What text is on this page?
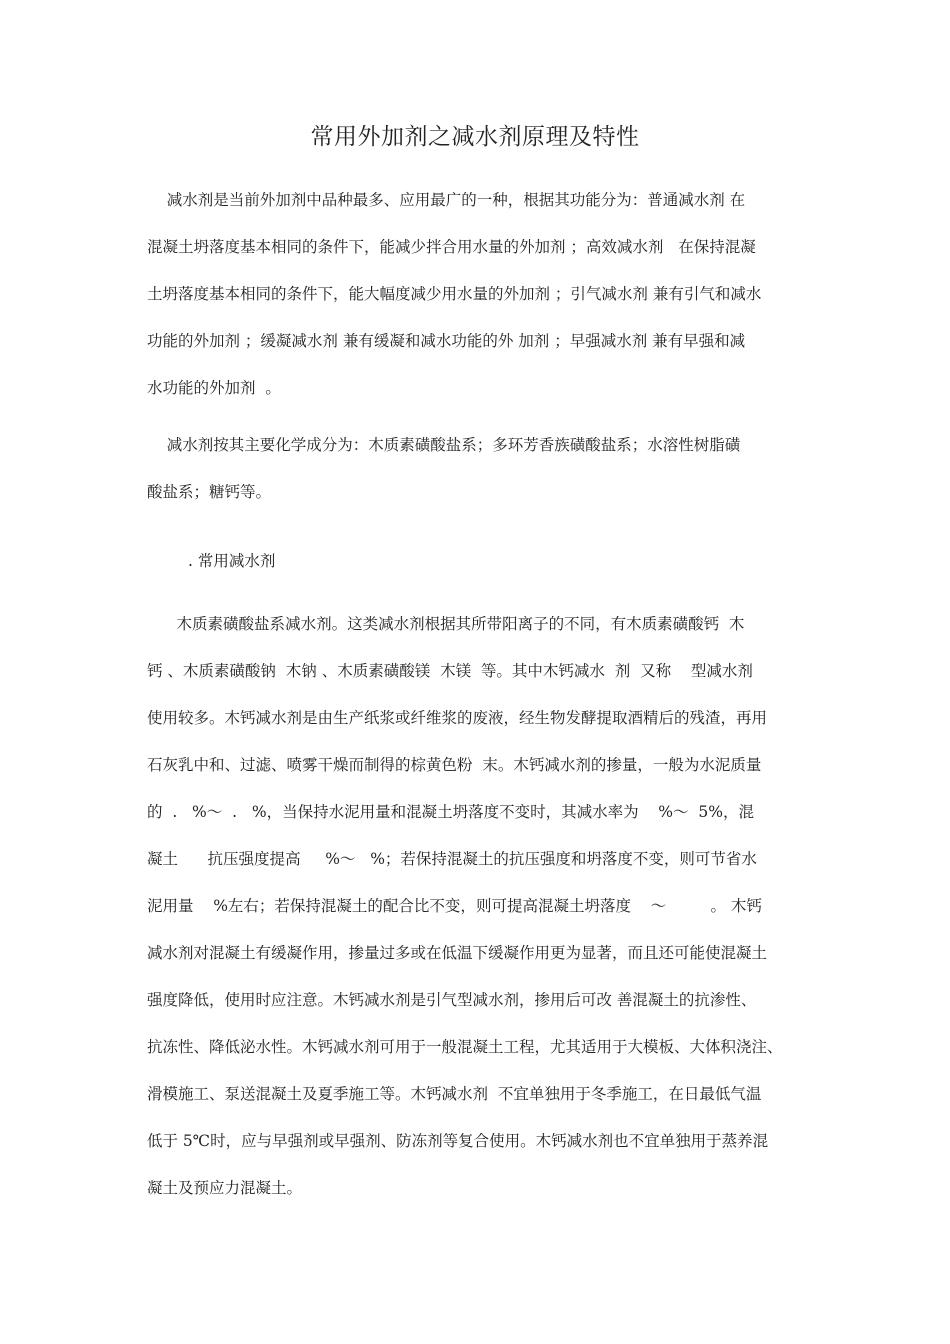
常用外加剂之减水剂原理及特性
减水剂是当前外加剂中品种最多、应用最广的一种，根据其功能分为：普通减水剂 在
混凝土坍落度基本相同的条件下，能减少拌合用水量的外加剂 ；高效减水剂   在保持混凝
土坍落度基本相同的条件下，能大幅度减少用水量的外加剂 ；引气减水剂 兼有引气和减水
功能的外加剂 ；缓凝减水剂 兼有缓凝和减水功能的外 加剂 ；早强减水剂 兼有早强和减
水功能的外加剂  。
减水剂按其主要化学成分为：木质素磺酸盐系；多环芳香族磺酸盐系；水溶性树脂磺
酸盐系；糖钙等。
. 常用减水剂
木质素磺酸盐系减水剂。这类减水剂根据其所带阳离子的不同，有木质素磺酸钙  木
钙 、木质素磺酸钠  木钠 、木质素磺酸镁  木镁  等。其中木钙减水  剂  又称    型减水剂
使用较多。木钙减水剂是由生产纸浆或纤维浆的废液，经生物发酵提取酒精后的残渣，再用
石灰乳中和、过滤、喷雾干燥而制得的棕黄色粉  末。木钙减水剂的掺量，一般为水泥质量
的  .   %～  .   %，当保持水泥用量和混凝土坍落度不变时，其减水率为    %～  5%，混
凝土      抗压强度提高     %～   %；若保持混凝土的抗压强度和坍落度不变，则可节省水
泥用量    %左右；若保持混凝土的配合比不变，则可提高混凝土坍落度    ～         。 木钙
减水剂对混凝土有缓凝作用，掺量过多或在低温下缓凝作用更为显著，而且还可能使混凝土
强度降低，使用时应注意。木钙减水剂是引气型减水剂，掺用后可改 善混凝土的抗渗性、
抗冻性、降低泌水性。木钙减水剂可用于一般混凝土工程，尤其适用于大模板、大体积浇注、
滑模施工、泵送混凝土及夏季施工等。木钙减水剂  不宜单独用于冬季施工，在日最低气温
低于 5℃时，应与早强剂或早强剂、防冻剂等复合使用。木钙减水剂也不宜单独用于蒸养混
凝土及预应力混凝土。
